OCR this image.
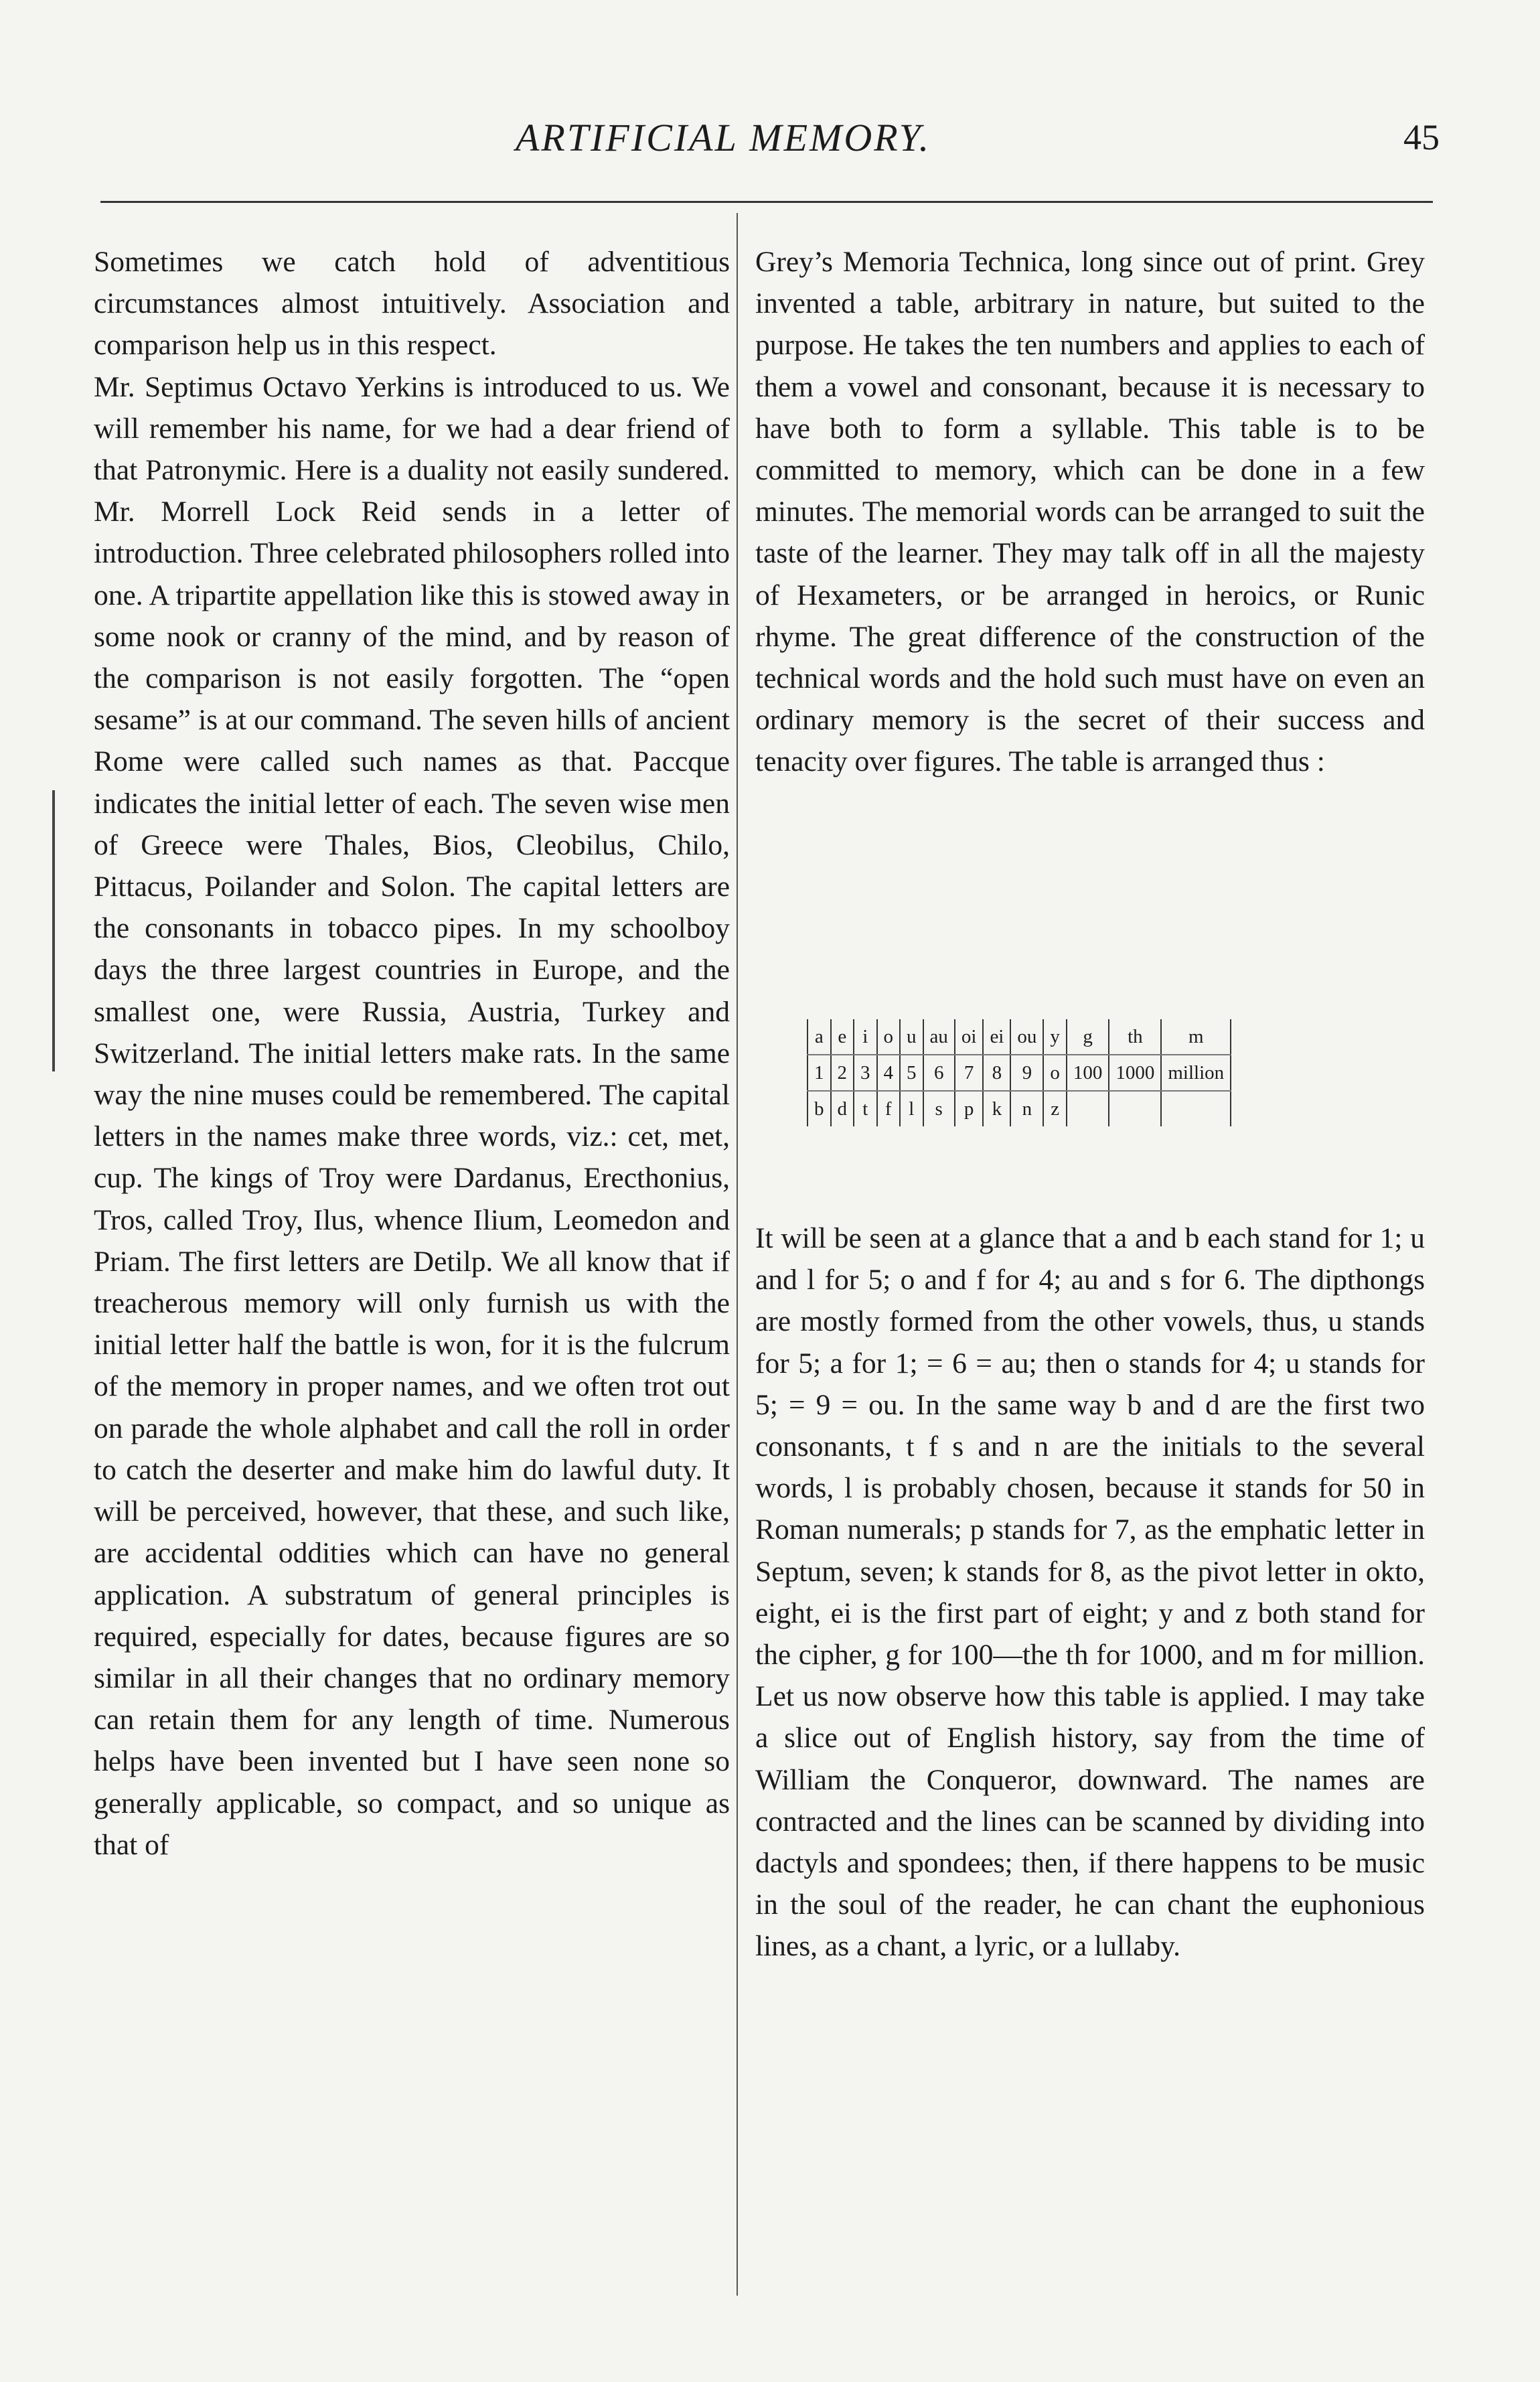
ARTIFICIAL MEMORY.	45

Sometimes we catch hold of adventitious circumstances almost intuitively. Association and comparison help us in this respect.

Mr. Septimus Octavo Yerkins is introduced to us. We will remember his name, for we had a dear friend of that Patronymic. Here is a duality not easily sundered. Mr. Morrell Lock Reid sends in a letter of introduction. Three celebrated philosophers rolled into one. A tripartite appellation like this is stowed away in some nook or cranny of the mind, and by reason of the comparison is not easily forgotten. The “open sesame” is at our command. The seven hills of ancient Rome were called such names as that. Paccque indicates the initial letter of each. The seven wise men of Greece were Thales, Bios, Cleobilus, Chilo, Pittacus, Poilander and Solon. The capital letters are the consonants in tobacco pipes. In my schoolboy days the three largest countries in Europe, and the smallest one, were Russia, Austria, Turkey and Switzerland. The initial letters make rats. In the same way the nine muses could be remembered. The capital letters in the names make three words, viz.: cet, met, cup. The kings of Troy were Dardanus, Erecthonius, Tros, called Troy, Ilus, whence Ilium, Leomedon and Priam. The first letters are Detilp. We all know that if treacherous memory will only furnish us with the initial letter half the battle is won, for it is the fulcrum of the memory in proper names, and we often trot out on parade the whole alphabet and call the roll in order to catch the deserter and make him do lawful duty. It will be perceived, however, that these, and such like, are accidental oddities which can have no general application. A substratum of general principles is required, especially for dates, because figures are so similar in all their changes that no ordinary memory can retain them for any length of time. Numerous helps have been invented but I have seen none so generally applicable, so compact, and so unique as that of

Grey’s Memoria Technica, long since out of print. Grey invented a table, arbitrary in nature, but suited to the purpose. He takes the ten numbers and applies to each of them a vowel and consonant, because it is necessary to have both to form a syllable. This table is to be committed to memory, which can be done in a few minutes. The memorial words can be arranged to suit the taste of the learner. They may talk off in all the majesty of Hexameters, or be arranged in heroics, or Runic rhyme. The great difference of the construction of the technical words and the hold such must have on even an ordinary memory is the secret of their success and tenacity over figures. The table is arranged thus :

a	e	i	o	u	au	oi	ei	ou	y	g	th	m
1	2	3	4	5	6	7	8	9	o	100	1000	million
b	d	t	f	l	s	p	k	n	z			

It will be seen at a glance that a and b each stand for 1; u and l for 5; o and f for 4; au and s for 6. The dipthongs are mostly formed from the other vowels, thus, u stands for 5; a for 1; = 6 = au; then o stands for 4; u stands for 5; = 9 = ou. In the same way b and d are the first two consonants, t f s and n are the initials to the several words, l is probably chosen, because it stands for 50 in Roman numerals; p stands for 7, as the emphatic letter in Septum, seven; k stands for 8, as the pivot letter in okto, eight, ei is the first part of eight; y and z both stand for the cipher, g for 100—the th for 1000, and m for million. Let us now observe how this table is applied. I may take a slice out of English history, say from the time of William the Conqueror, downward. The names are contracted and the lines can be scanned by dividing into dactyls and spondees; then, if there happens to be music in the soul of the reader, he can chant the euphonious lines, as a chant, a lyric, or a lullaby.
